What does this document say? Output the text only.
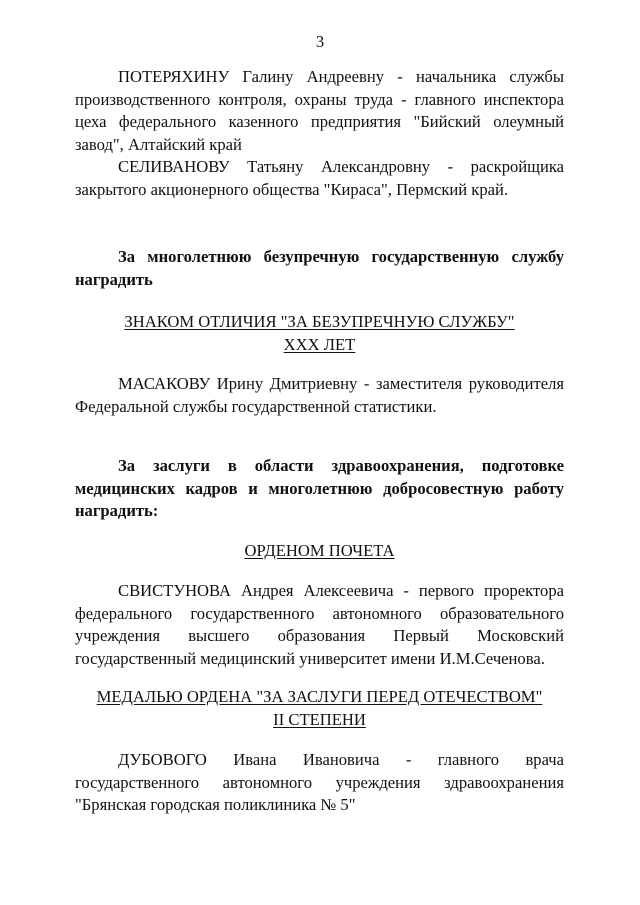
3

ПОТЕРЯХИНУ Галину Андреевну - начальника службы производственного контроля, охраны труда - главного инспектора цеха федерального казенного предприятия "Бийский олеумный завод", Алтайский край

СЕЛИВАНОВУ Татьяну Александровну - раскройщика закрытого акционерного общества "Кираса", Пермский край.

За многолетнюю безупречную государственную службу наградить

ЗНАКОМ ОТЛИЧИЯ "ЗА БЕЗУПРЕЧНУЮ СЛУЖБУ"
XXX ЛЕТ

МАСАКОВУ Ирину Дмитриевну - заместителя руководителя Федеральной службы государственной статистики.

За заслуги в области здравоохранения, подготовке медицинских кадров и многолетнюю добросовестную работу наградить:

ОРДЕНОМ ПОЧЕТА

СВИСТУНОВА Андрея Алексеевича - первого проректора федерального государственного автономного образовательного учреждения высшего образования Первый Московский государственный медицинский университет имени И.М.Сеченова.

МЕДАЛЬЮ ОРДЕНА "ЗА ЗАСЛУГИ ПЕРЕД ОТЕЧЕСТВОМ"
II СТЕПЕНИ

ДУБОВОГО Ивана Ивановича - главного врача государственного автономного учреждения здравоохранения "Брянская городская поликлиника № 5"
